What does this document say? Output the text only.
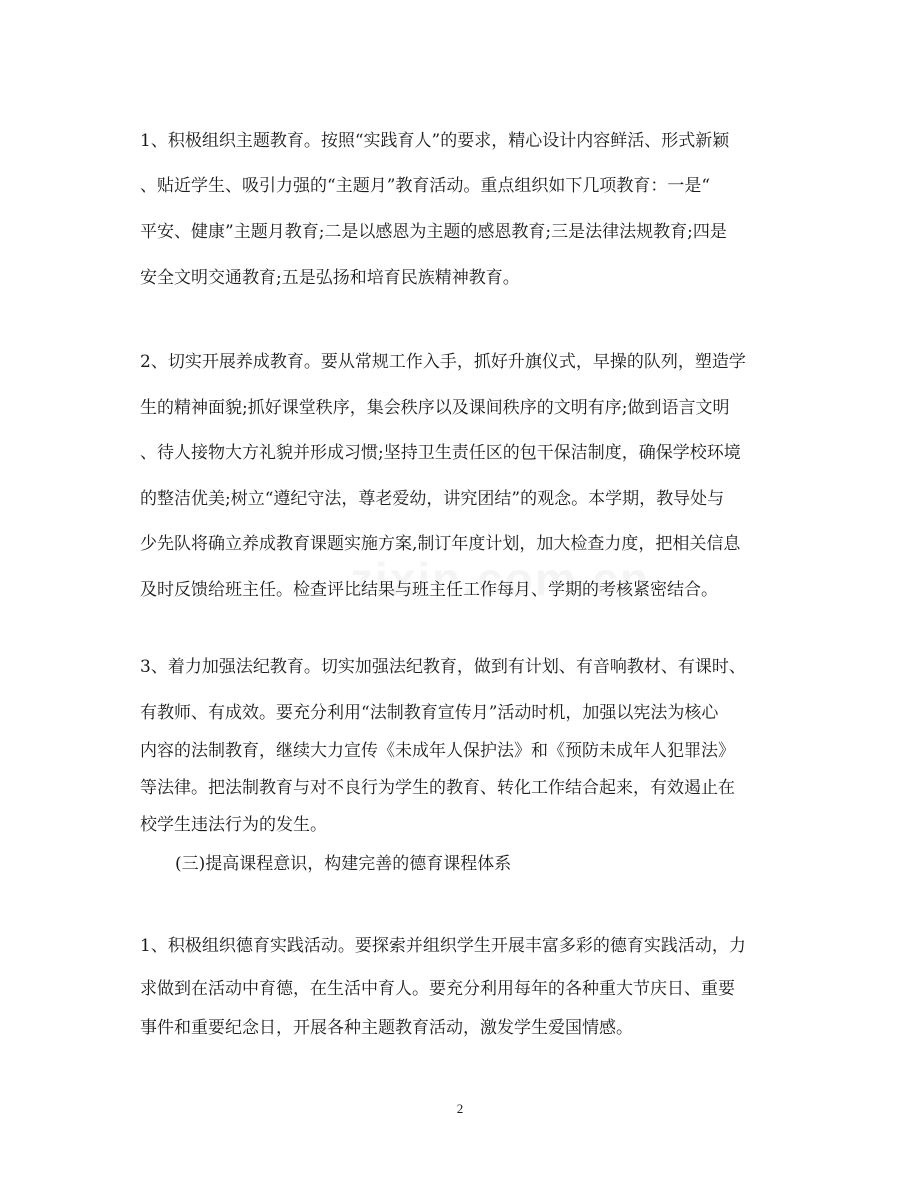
1、积极组织主题教育。按照“实践育人”的要求，精心设计内容鲜活、形式新颖
、贴近学生、吸引力强的“主题月”教育活动。重点组织如下几项教育：一是“
平安、健康”主题月教育;二是以感恩为主题的感恩教育;三是法律法规教育;四是
安全文明交通教育;五是弘扬和培育民族精神教育。
2、切实开展养成教育。要从常规工作入手，抓好升旗仪式，早操的队列，塑造学
生的精神面貌;抓好课堂秩序，集会秩序以及课间秩序的文明有序;做到语言文明
、待人接物大方礼貌并形成习惯;坚持卫生责任区的包干保洁制度，确保学校环境
的整洁优美;树立“遵纪守法，尊老爱幼，讲究团结”的观念。本学期，教导处与
少先队将确立养成教育课题实施方案,制订年度计划，加大检查力度，把相关信息
及时反馈给班主任。检查评比结果与班主任工作每月、学期的考核紧密结合。
3、着力加强法纪教育。切实加强法纪教育，做到有计划、有音响教材、有课时、
有教师、有成效。要充分利用“法制教育宣传月”活动时机，加强以宪法为核心
内容的法制教育，继续大力宣传《未成年人保护法》和《预防未成年人犯罪法》
等法律。把法制教育与对不良行为学生的教育、转化工作结合起来，有效遏止在
校学生违法行为的发生。
(三)提高课程意识，构建完善的德育课程体系
1、积极组织德育实践活动。要探索并组织学生开展丰富多彩的德育实践活动，力
求做到在活动中育德，在生活中育人。要充分利用每年的各种重大节庆日、重要
事件和重要纪念日，开展各种主题教育活动，激发学生爱国情感。
2
